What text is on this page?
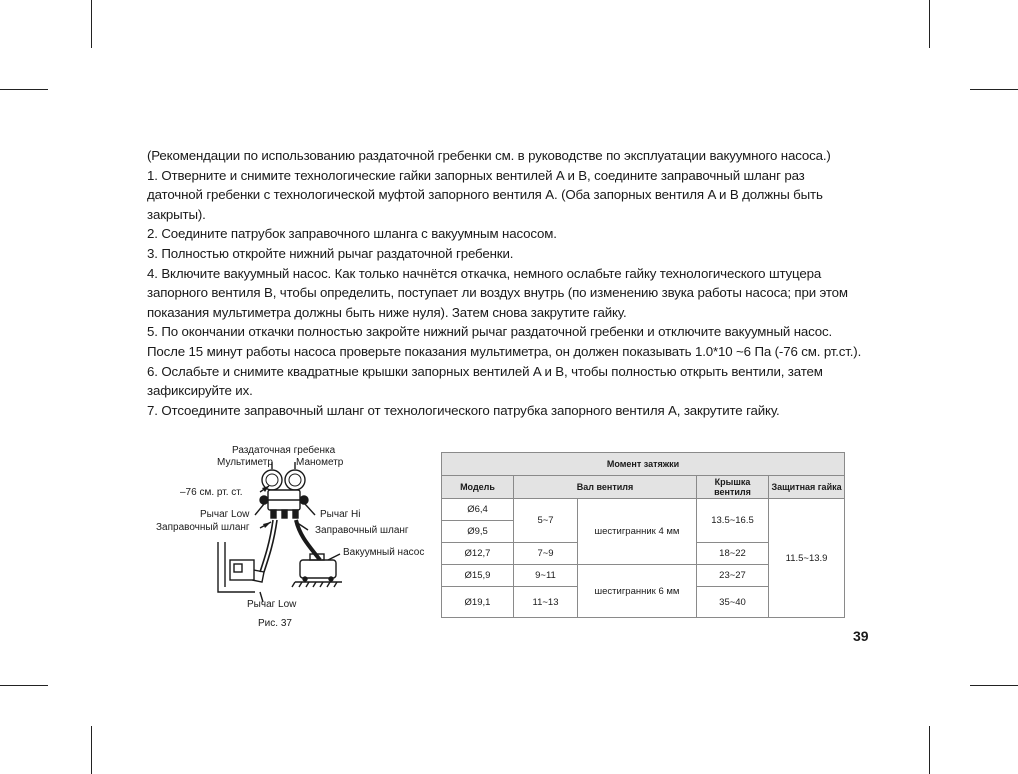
(Рекомендации по использованию раздаточной гребенки см. в руководстве по эксплуатации вакуумного насоса.)

1. Отверните и снимите технологические гайки запорных вентилей A и B, соедините заправочный шланг раз

даточной гребенки с технологической муфтой запорного вентиля A. (Оба запорных вентиля A и B должны быть

закрыты).

2. Соедините патрубок заправочного шланга с вакуумным насосом.

3. Полностью откройте нижний рычаг раздаточной гребенки.

4. Включите вакуумный насос. Как только начнётся откачка, немного ослабьте гайку технологического штуцера

запорного вентиля B, чтобы определить, поступает ли воздух внутрь (по изменению звука работы насоса; при этом

показания мультиметра должны быть ниже нуля). Затем снова закрутите гайку.

5. По окончании откачки полностью закройте нижний рычаг раздаточной гребенки и отключите вакуумный насос.

После 15 минут работы насоса проверьте показания мультиметра, он должен показывать 1.0*10 ~6 Па (-76 см. рт.ст.).

6. Ослабьте и снимите квадратные крышки запорных вентилей A и B, чтобы полностью открыть вентили, затем

зафиксируйте их.

7. Отсоедините заправочный шланг от технологического патрубка запорного вентиля A, закрутите гайку.

Раздаточная гребенка
Мультиметр Манометр
–76 см. рт. ст.
Рычаг Low	Рычаг Hi
Заправочный шланг	Заправочный шланг
Вакуумный насос
Рычаг Low
Рис. 37
Момент затяжки				
Модель	Вал вентиля		Крышка вентиля	Защитная гайка
Ø6,4	5~7	шестигранник 4 мм	13.5~16.5	11.5~13.9
Ø9,5				
Ø12,7	7~9		18~22	
Ø15,9	9~11	шестигранник 6 мм	23~27	
Ø19,1	11~13		35~40	
39
